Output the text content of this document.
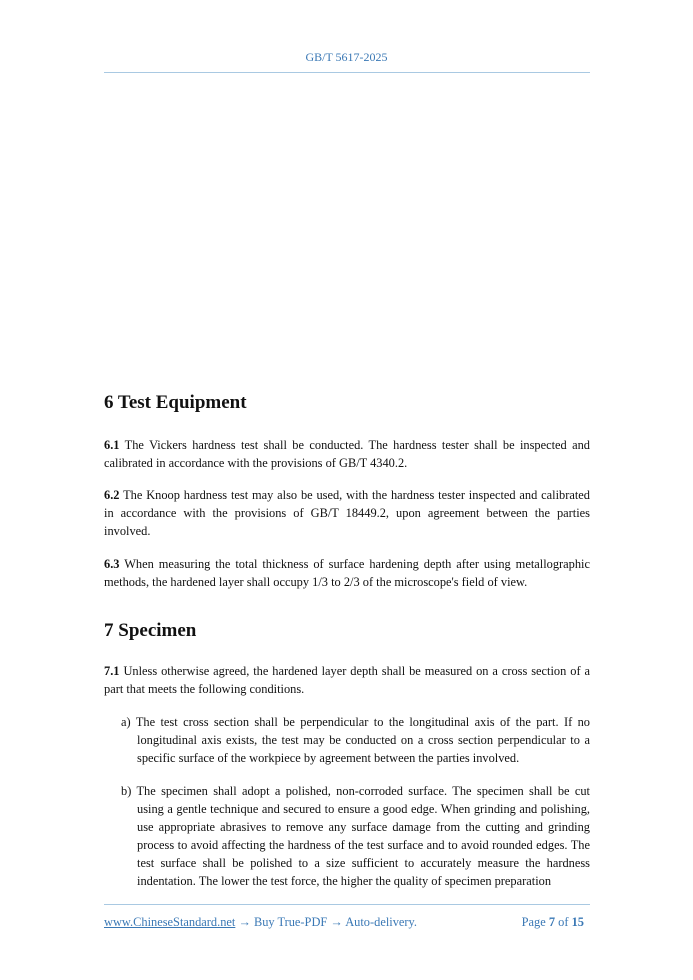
GB/T 5617-2025
6 Test Equipment

6.1 The Vickers hardness test shall be conducted. The hardness tester shall be inspected and calibrated in accordance with the provisions of GB/T 4340.2.

6.2 The Knoop hardness test may also be used, with the hardness tester inspected and calibrated in accordance with the provisions of GB/T 18449.2, upon agreement between the parties involved.

6.3 When measuring the total thickness of surface hardening depth after using metallographic methods, the hardened layer shall occupy 1/3 to 2/3 of the microscope's field of view.

7 Specimen

7.1 Unless otherwise agreed, the hardened layer depth shall be measured on a cross section of a part that meets the following conditions.

a) The test cross section shall be perpendicular to the longitudinal axis of the part. If no longitudinal axis exists, the test may be conducted on a cross section perpendicular to a specific surface of the workpiece by agreement between the parties involved.

b) The specimen shall adopt a polished, non-corroded surface. The specimen shall be cut using a gentle technique and secured to ensure a good edge. When grinding and polishing, use appropriate abrasives to remove any surface damage from the cutting and grinding process to avoid affecting the hardness of the test surface and to avoid rounded edges. The test surface shall be polished to a size sufficient to accurately measure the hardness indentation. The lower the test force, the higher the quality of specimen preparation

www.ChineseStandard.net → Buy True-PDF → Auto-delivery.	Page 7 of 15
